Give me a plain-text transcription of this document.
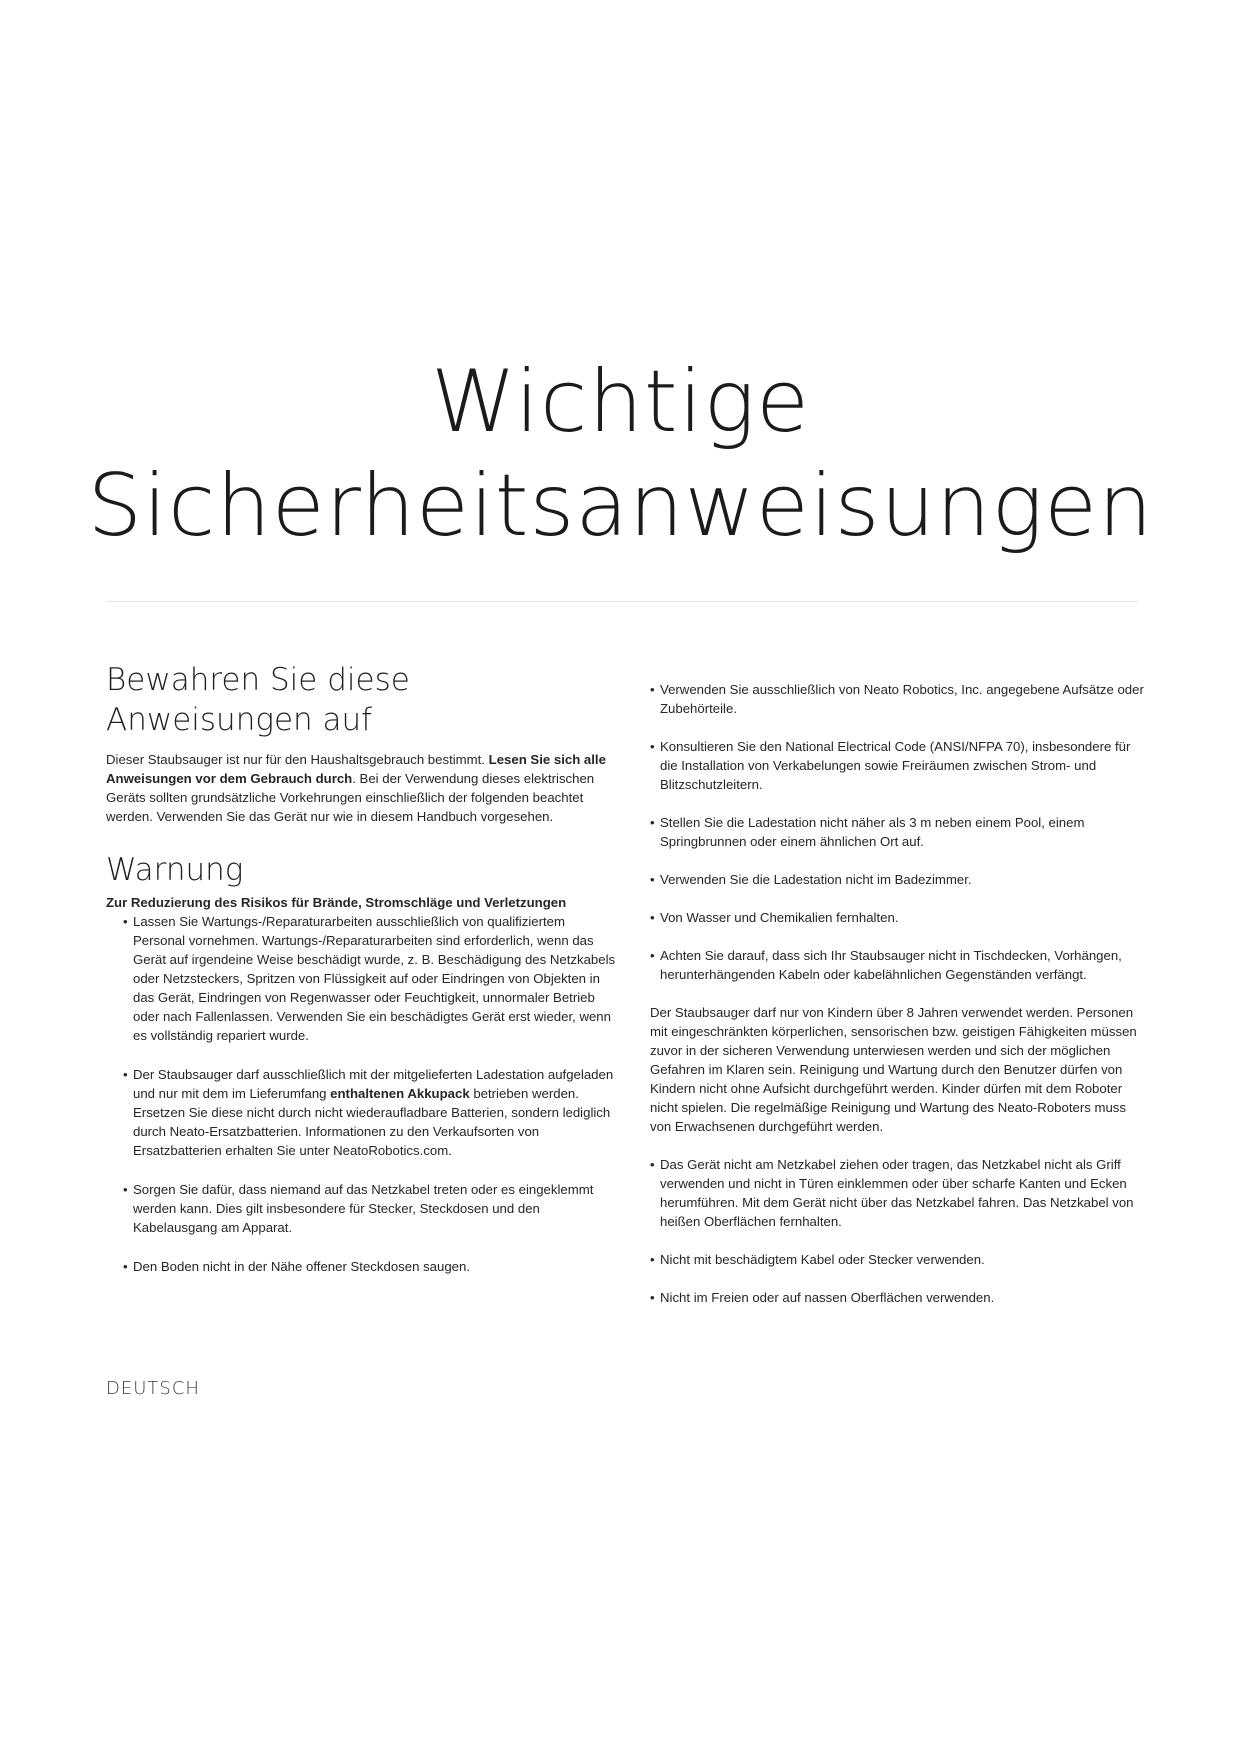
Wichtige
Sicherheitsanweisungen
Bewahren Sie diese
Anweisungen auf

Dieser Staubsauger ist nur für den Haushaltsgebrauch bestimmt. Lesen Sie sich alle Anweisungen vor dem Gebrauch durch. Bei der Verwendung dieses elektrischen Geräts sollten grundsätzliche Vorkehrungen einschließlich der folgenden beachtet werden. Verwenden Sie das Gerät nur wie in diesem Handbuch vorgesehen.

Warnung

Zur Reduzierung des Risikos für Brände, Stromschläge und Verletzungen

• Lassen Sie Wartungs-/Reparaturarbeiten ausschließlich von qualifiziertem Personal vornehmen. Wartungs-/Reparaturarbeiten sind erforderlich, wenn das Gerät auf irgendeine Weise beschädigt wurde, z. B. Beschädigung des Netzkabels oder Netzsteckers, Spritzen von Flüssigkeit auf oder Eindringen von Objekten in das Gerät, Eindringen von Regenwasser oder Feuchtigkeit, unnormaler Betrieb oder nach Fallenlassen. Verwenden Sie ein beschädigtes Gerät erst wieder, wenn es vollständig repariert wurde.
• Der Staubsauger darf ausschließlich mit der mitgelieferten Ladestation aufgeladen und nur mit dem im Lieferumfang enthaltenen Akkupack betrieben werden. Ersetzen Sie diese nicht durch nicht wiederaufladbare Batterien, sondern lediglich durch Neato-Ersatzbatterien. Informationen zu den Verkaufsorten von Ersatzbatterien erhalten Sie unter NeatoRobotics.com.
• Sorgen Sie dafür, dass niemand auf das Netzkabel treten oder es eingeklemmt werden kann. Dies gilt insbesondere für Stecker, Steckdosen und den Kabelausgang am Apparat.
• Den Boden nicht in der Nähe offener Steckdosen saugen.
• Verwenden Sie ausschließlich von Neato Robotics, Inc. angegebene Aufsätze oder Zubehörteile.
• Konsultieren Sie den National Electrical Code (ANSI/NFPA 70), insbesondere für die Installation von Verkabelungen sowie Freiräumen zwischen Strom- und Blitzschutzleitern.
• Stellen Sie die Ladestation nicht näher als 3 m neben einem Pool, einem Springbrunnen oder einem ähnlichen Ort auf.
• Verwenden Sie die Ladestation nicht im Badezimmer.
• Von Wasser und Chemikalien fernhalten.
• Achten Sie darauf, dass sich Ihr Staubsauger nicht in Tischdecken, Vorhängen, herunterhängenden Kabeln oder kabelähnlichen Gegenständen verfängt.

Der Staubsauger darf nur von Kindern über 8 Jahren verwendet werden. Personen mit eingeschränkten körperlichen, sensorischen bzw. geistigen Fähigkeiten müssen zuvor in der sicheren Verwendung unterwiesen werden und sich der möglichen Gefahren im Klaren sein. Reinigung und Wartung durch den Benutzer dürfen von Kindern nicht ohne Aufsicht durchgeführt werden. Kinder dürfen mit dem Roboter nicht spielen. Die regelmäßige Reinigung und Wartung des Neato-Roboters muss von Erwachsenen durchgeführt werden.

• Das Gerät nicht am Netzkabel ziehen oder tragen, das Netzkabel nicht als Griff verwenden und nicht in Türen einklemmen oder über scharfe Kanten und Ecken herumführen. Mit dem Gerät nicht über das Netzkabel fahren. Das Netzkabel von heißen Oberflächen fernhalten.
• Nicht mit beschädigtem Kabel oder Stecker verwenden.
• Nicht im Freien oder auf nassen Oberflächen verwenden.
DEUTSCH
